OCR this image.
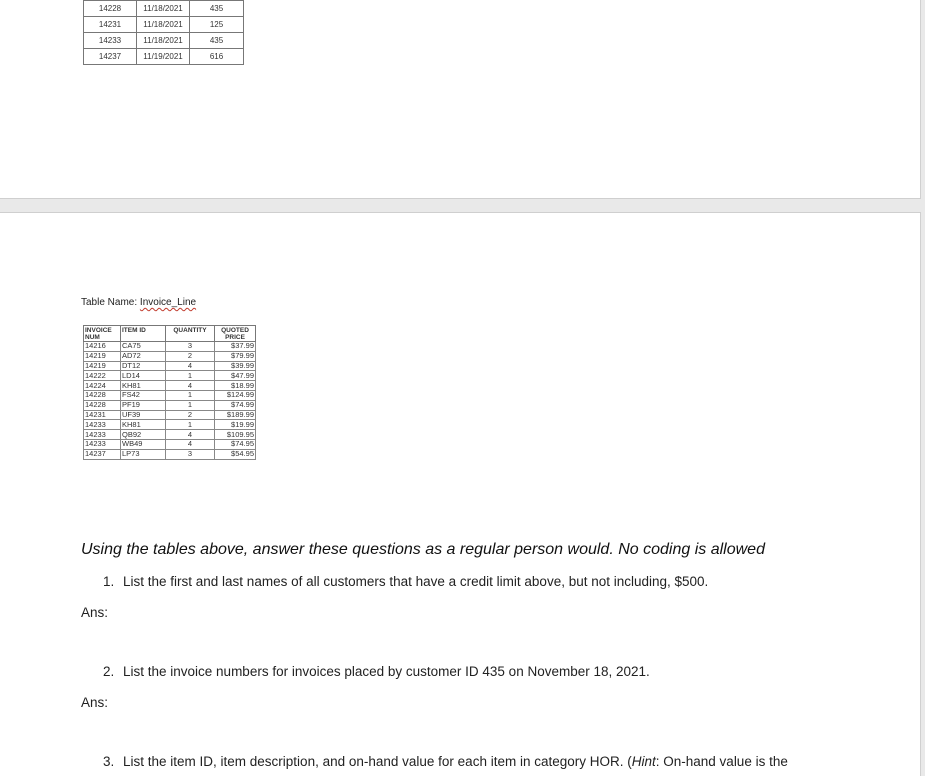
14228	11/18/2021	435
14231	11/18/2021	125
14233	11/18/2021	435
14237	11/19/2021	616
Table Name: Invoice_Line
INVOICE NUM	ITEM ID	QUANTITY	QUOTED PRICE
14216	CA75	3	$37.99
14219	AD72	2	$79.99
14219	DT12	4	$39.99
14222	LD14	1	$47.99
14224	KH81	4	$18.99
14228	FS42	1	$124.99
14228	PF19	1	$74.99
14231	UF39	2	$189.99
14233	KH81	1	$19.99
14233	QB92	4	$109.95
14233	WB49	4	$74.95
14237	LP73	3	$54.95
Using the tables above, answer these questions as a regular person would. No coding is allowed
1. List the first and last names of all customers that have a credit limit above, but not including, $500.
Ans:
2. List the invoice numbers for invoices placed by customer ID 435 on November 18, 2021.
Ans:
3. List the item ID, item description, and on-hand value for each item in category HOR. (Hint: On-hand value is the
